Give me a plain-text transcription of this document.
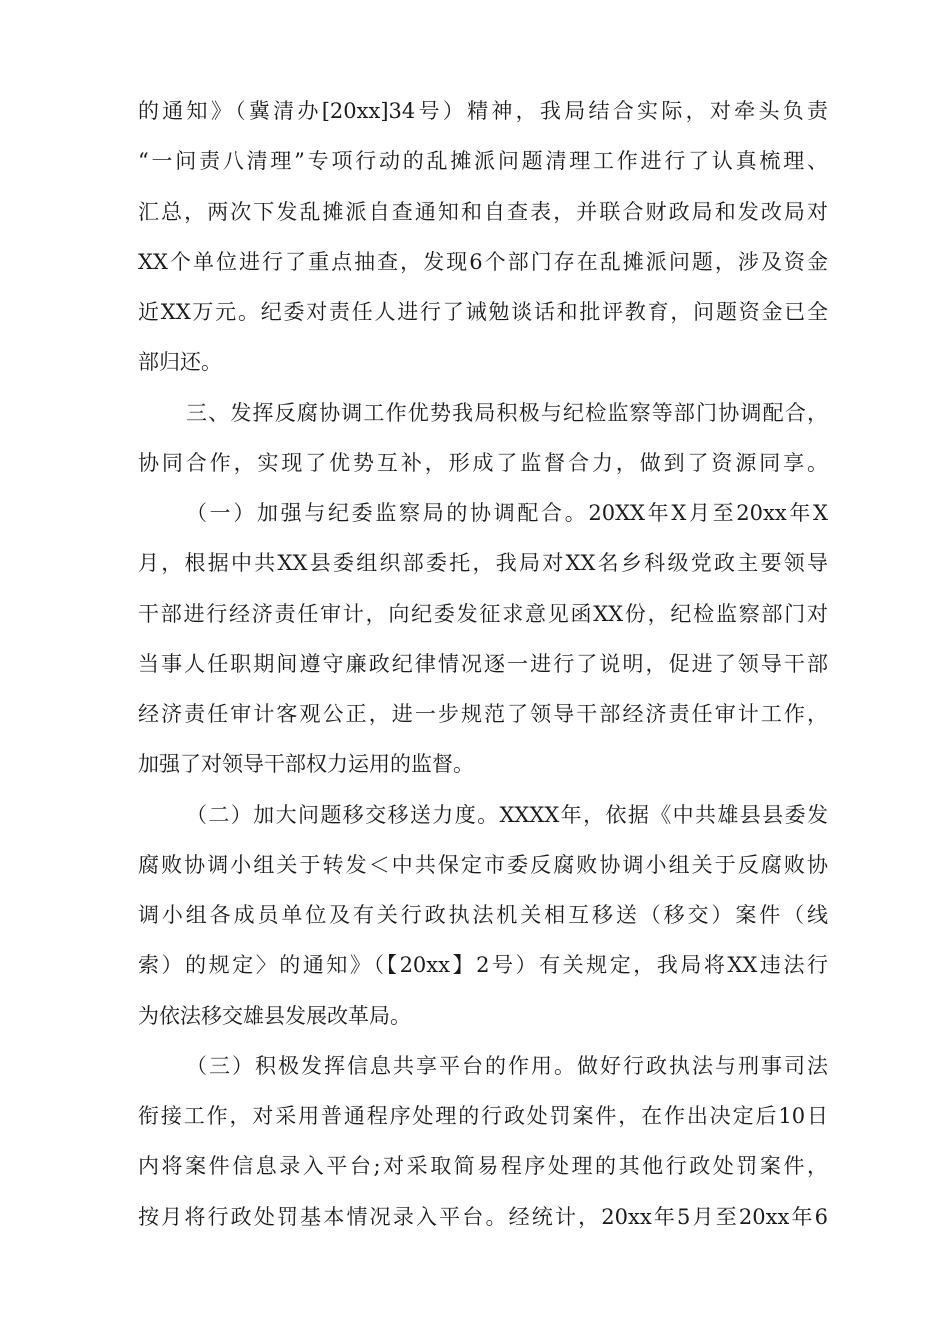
的通知》（冀清办[20xx]34号）精神，我局结合实际，对牵头负责
“一问责八清理”专项行动的乱摊派问题清理工作进行了认真梳理、
汇总，两次下发乱摊派自查通知和自查表，并联合财政局和发改局对
XX个单位进行了重点抽查，发现6个部门存在乱摊派问题，涉及资金
近XX万元。纪委对责任人进行了诫勉谈话和批评教育，问题资金已全
部归还。
三、发挥反腐协调工作优势我局积极与纪检监察等部门协调配合，
协同合作，实现了优势互补，形成了监督合力，做到了资源同享。
（一）加强与纪委监察局的协调配合。20XX年X月至20xx年X
月，根据中共XX县委组织部委托，我局对XX名乡科级党政主要领导
干部进行经济责任审计，向纪委发征求意见函XX份，纪检监察部门对
当事人任职期间遵守廉政纪律情况逐一进行了说明，促进了领导干部
经济责任审计客观公正，进一步规范了领导干部经济责任审计工作，
加强了对领导干部权力运用的监督。
（二）加大问题移交移送力度。XXXX年，依据《中共雄县县委发
腐败协调小组关于转发＜中共保定市委反腐败协调小组关于反腐败协
调小组各成员单位及有关行政执法机关相互移送（移交）案件（线
索）的规定〉的通知》（【20xx】2号）有关规定，我局将XX违法行
为依法移交雄县发展改革局。
（三）积极发挥信息共享平台的作用。做好行政执法与刑事司法
衔接工作，对采用普通程序处理的行政处罚案件，在作出决定后10日
内将案件信息录入平台;对采取简易程序处理的其他行政处罚案件，
按月将行政处罚基本情况录入平台。经统计，20xx年5月至20xx年6
